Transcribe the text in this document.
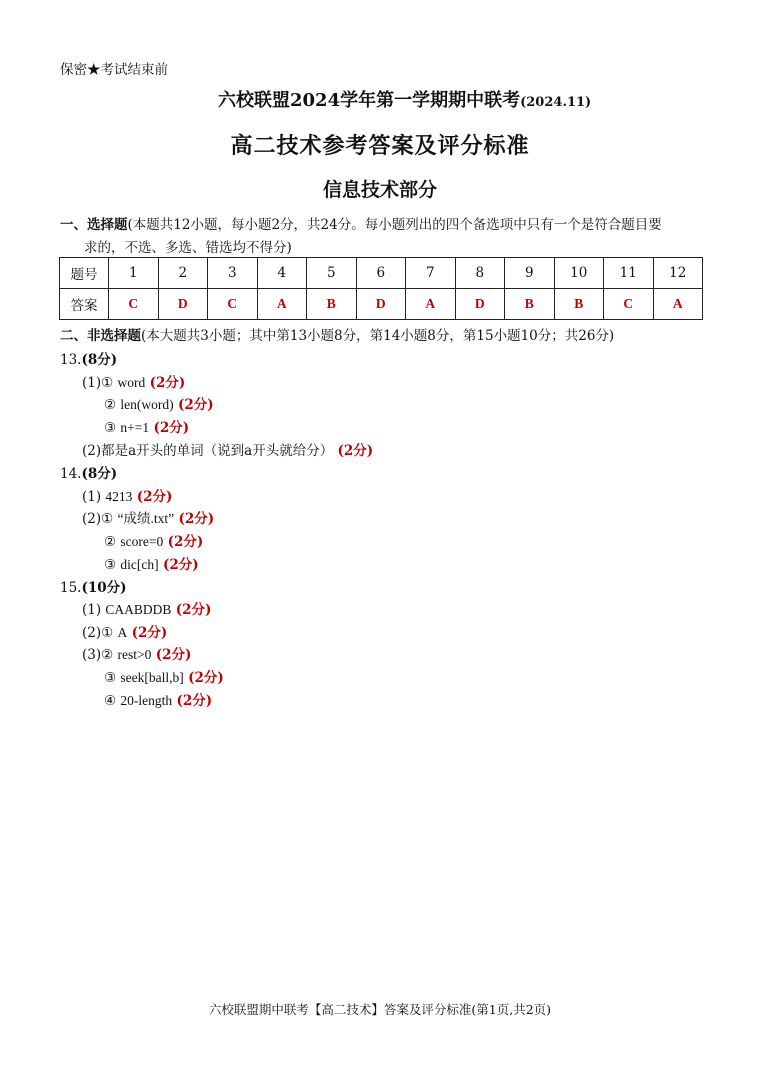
保密★考试结束前
六校联盟2024学年第一学期期中联考(2024.11)
高二技术参考答案及评分标准
信息技术部分
一、选择题(本题共12小题，每小题2分，共24分。每小题列出的四个备选项中只有一个是符合题目要
求的，不选、多选、错选均不得分)
题号	1	2	3	4	5	6	7	8	9	10	11	12
答案	C	D	C	A	B	D	A	D	B	B	C	A
二、非选择题(本大题共3小题；其中第13小题8分，第14小题8分，第15小题10分；共26分)
13.(8分)
(1)① word (2分)
② len(word) (2分)
③ n+=1 (2分)
(2)都是a开头的单词（说到a开头就给分） (2分)
14.(8分)
(1) 4213 (2分)
(2)① “成绩.txt” (2分)
② score=0 (2分)
③ dic[ch] (2分)
15.(10分)
(1) CAABDDB (2分)
(2)① A (2分)
(3)② rest>0 (2分)
③ seek[ball,b] (2分)
④ 20-length (2分)
六校联盟期中联考【高二技术】答案及评分标准(第1页,共2页)
